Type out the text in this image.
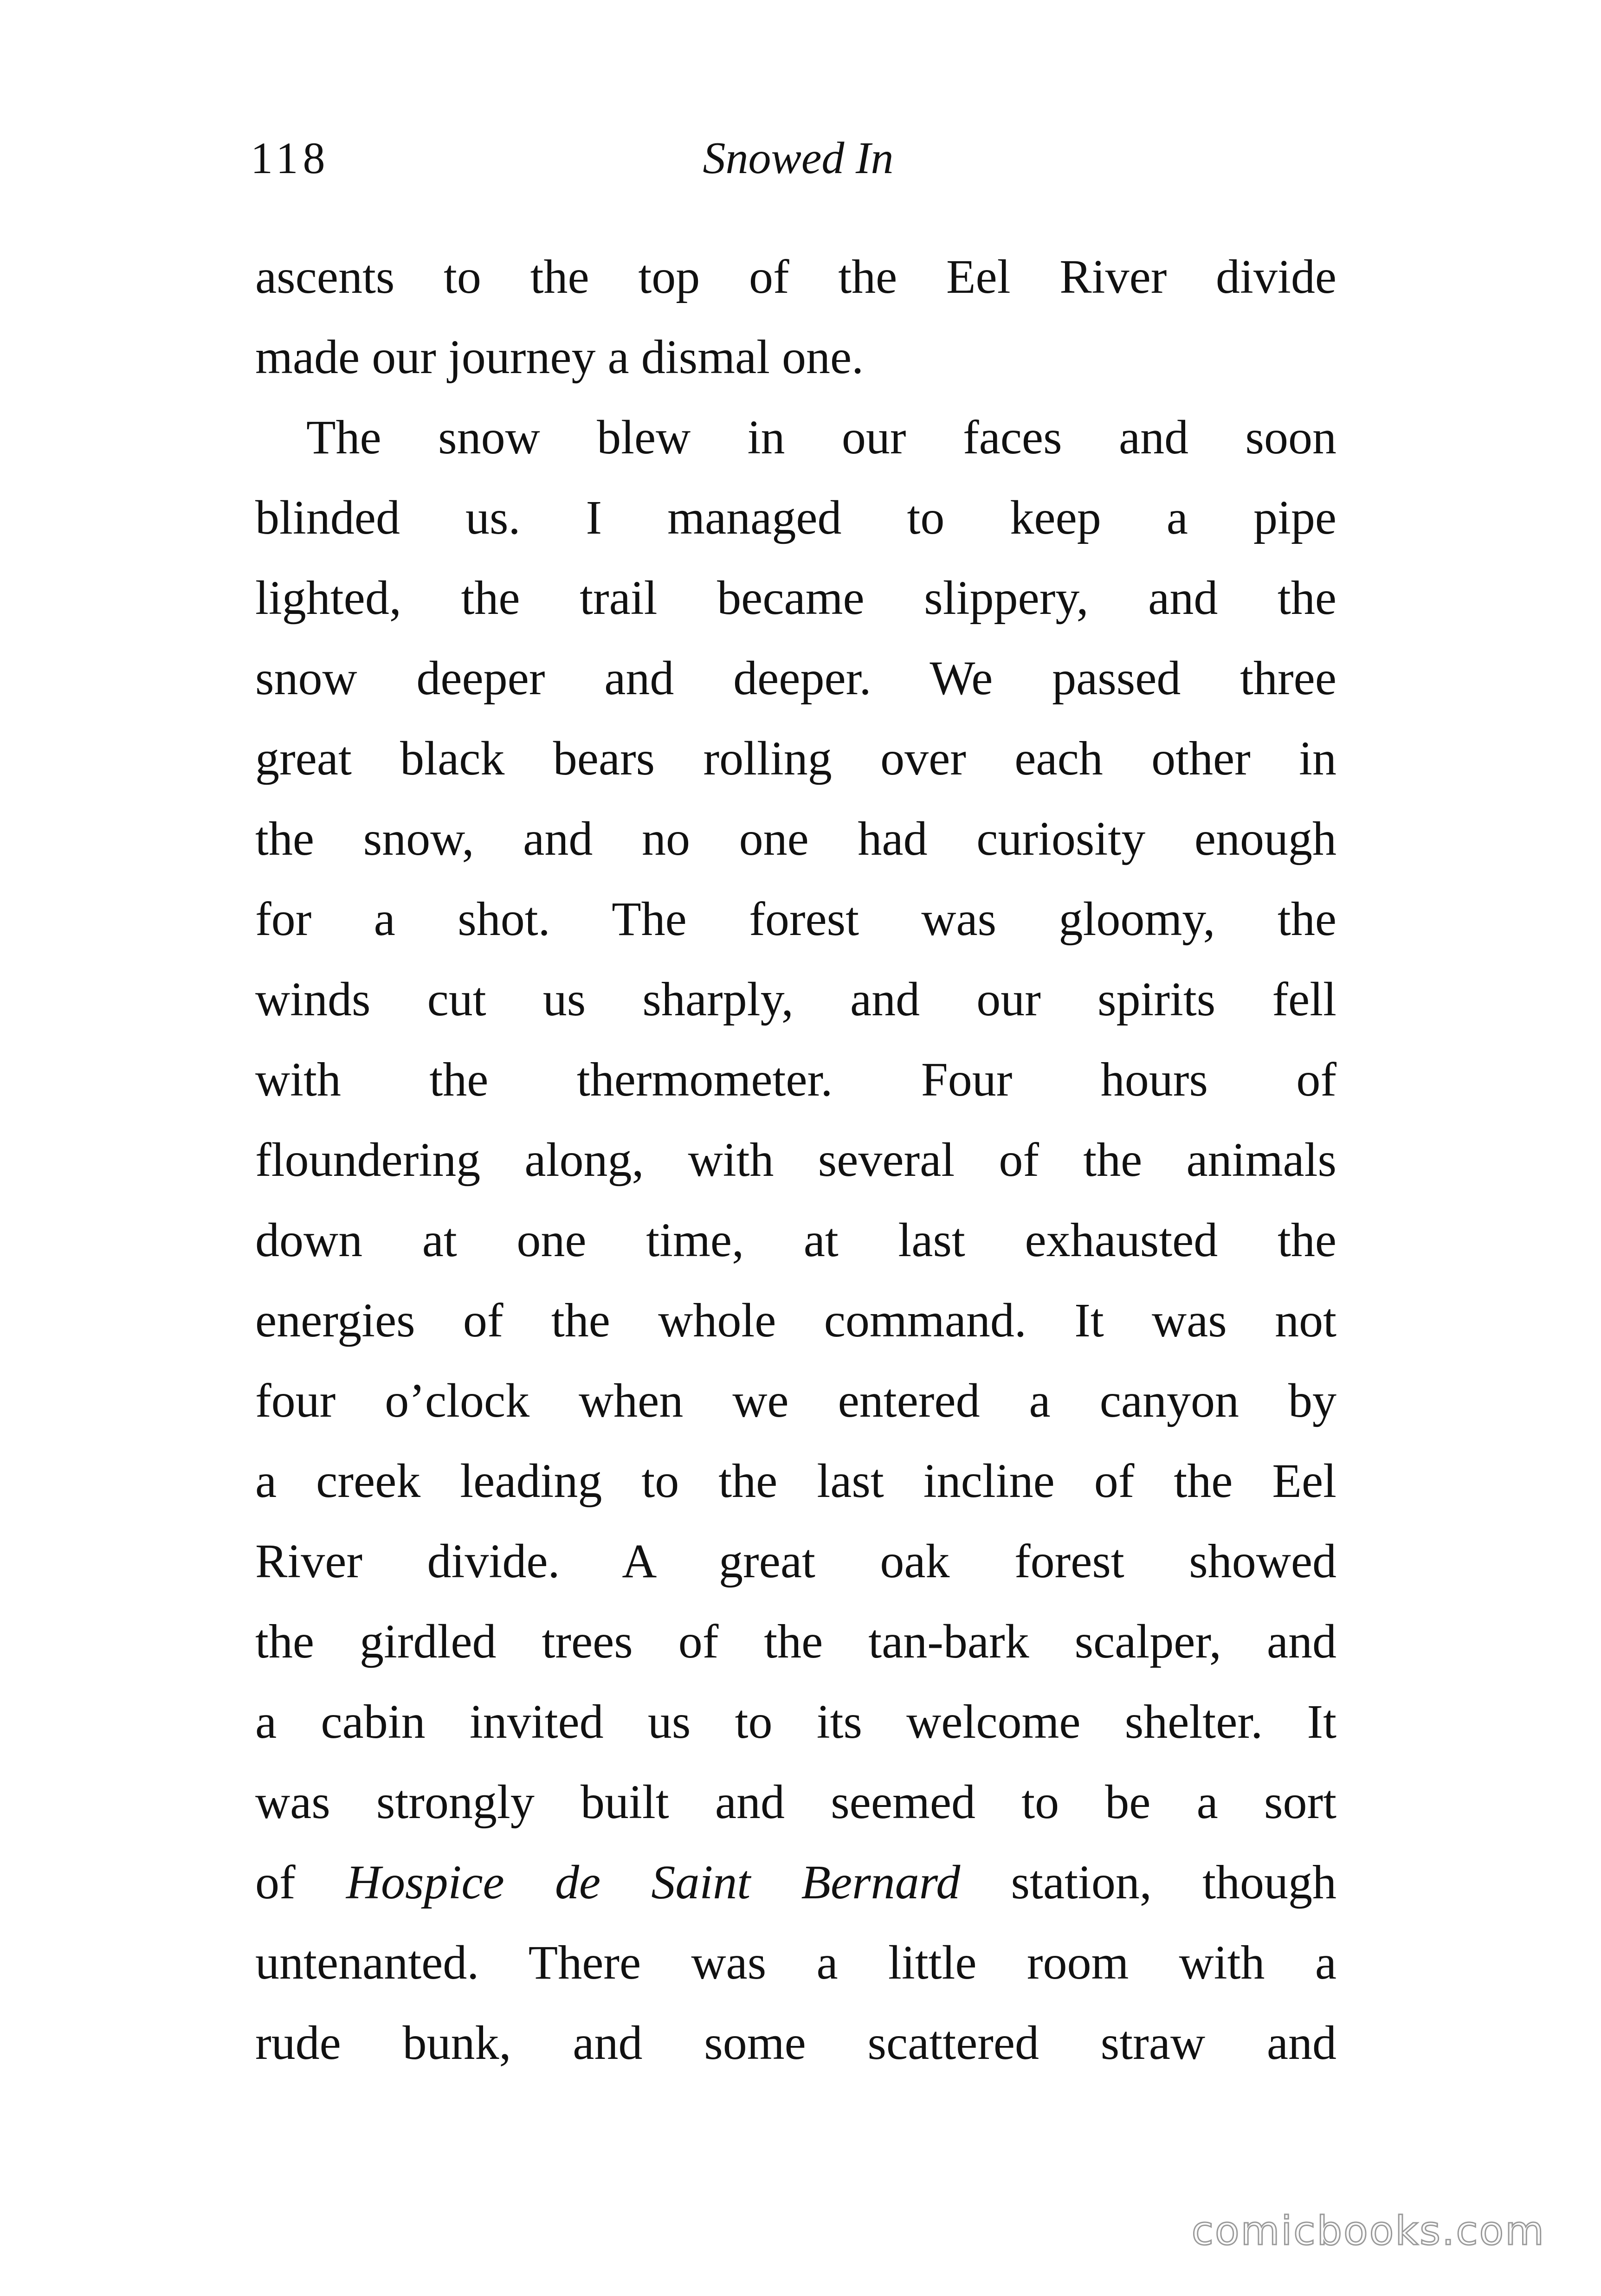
118	Snowed In
ascents to the top of the Eel River divide
made our journey a dismal one.
The snow blew in our faces and soon
blinded us. I managed to keep a pipe
lighted, the trail became slippery, and the
snow deeper and deeper. We passed three
great black bears rolling over each other in
the snow, and no one had curiosity enough
for a shot. The forest was gloomy, the
winds cut us sharply, and our spirits fell
with the thermometer. Four hours of
floundering along, with several of the animals
down at one time, at last exhausted the
energies of the whole command. It was not
four o’clock when we entered a canyon by
a creek leading to the last incline of the Eel
River divide. A great oak forest showed
the girdled trees of the tan-bark scalper, and
a cabin invited us to its welcome shelter. It
was strongly built and seemed to be a sort
of Hospice de Saint Bernard station, though
untenanted. There was a little room with a
rude bunk, and some scattered straw and
comicbooks.com
